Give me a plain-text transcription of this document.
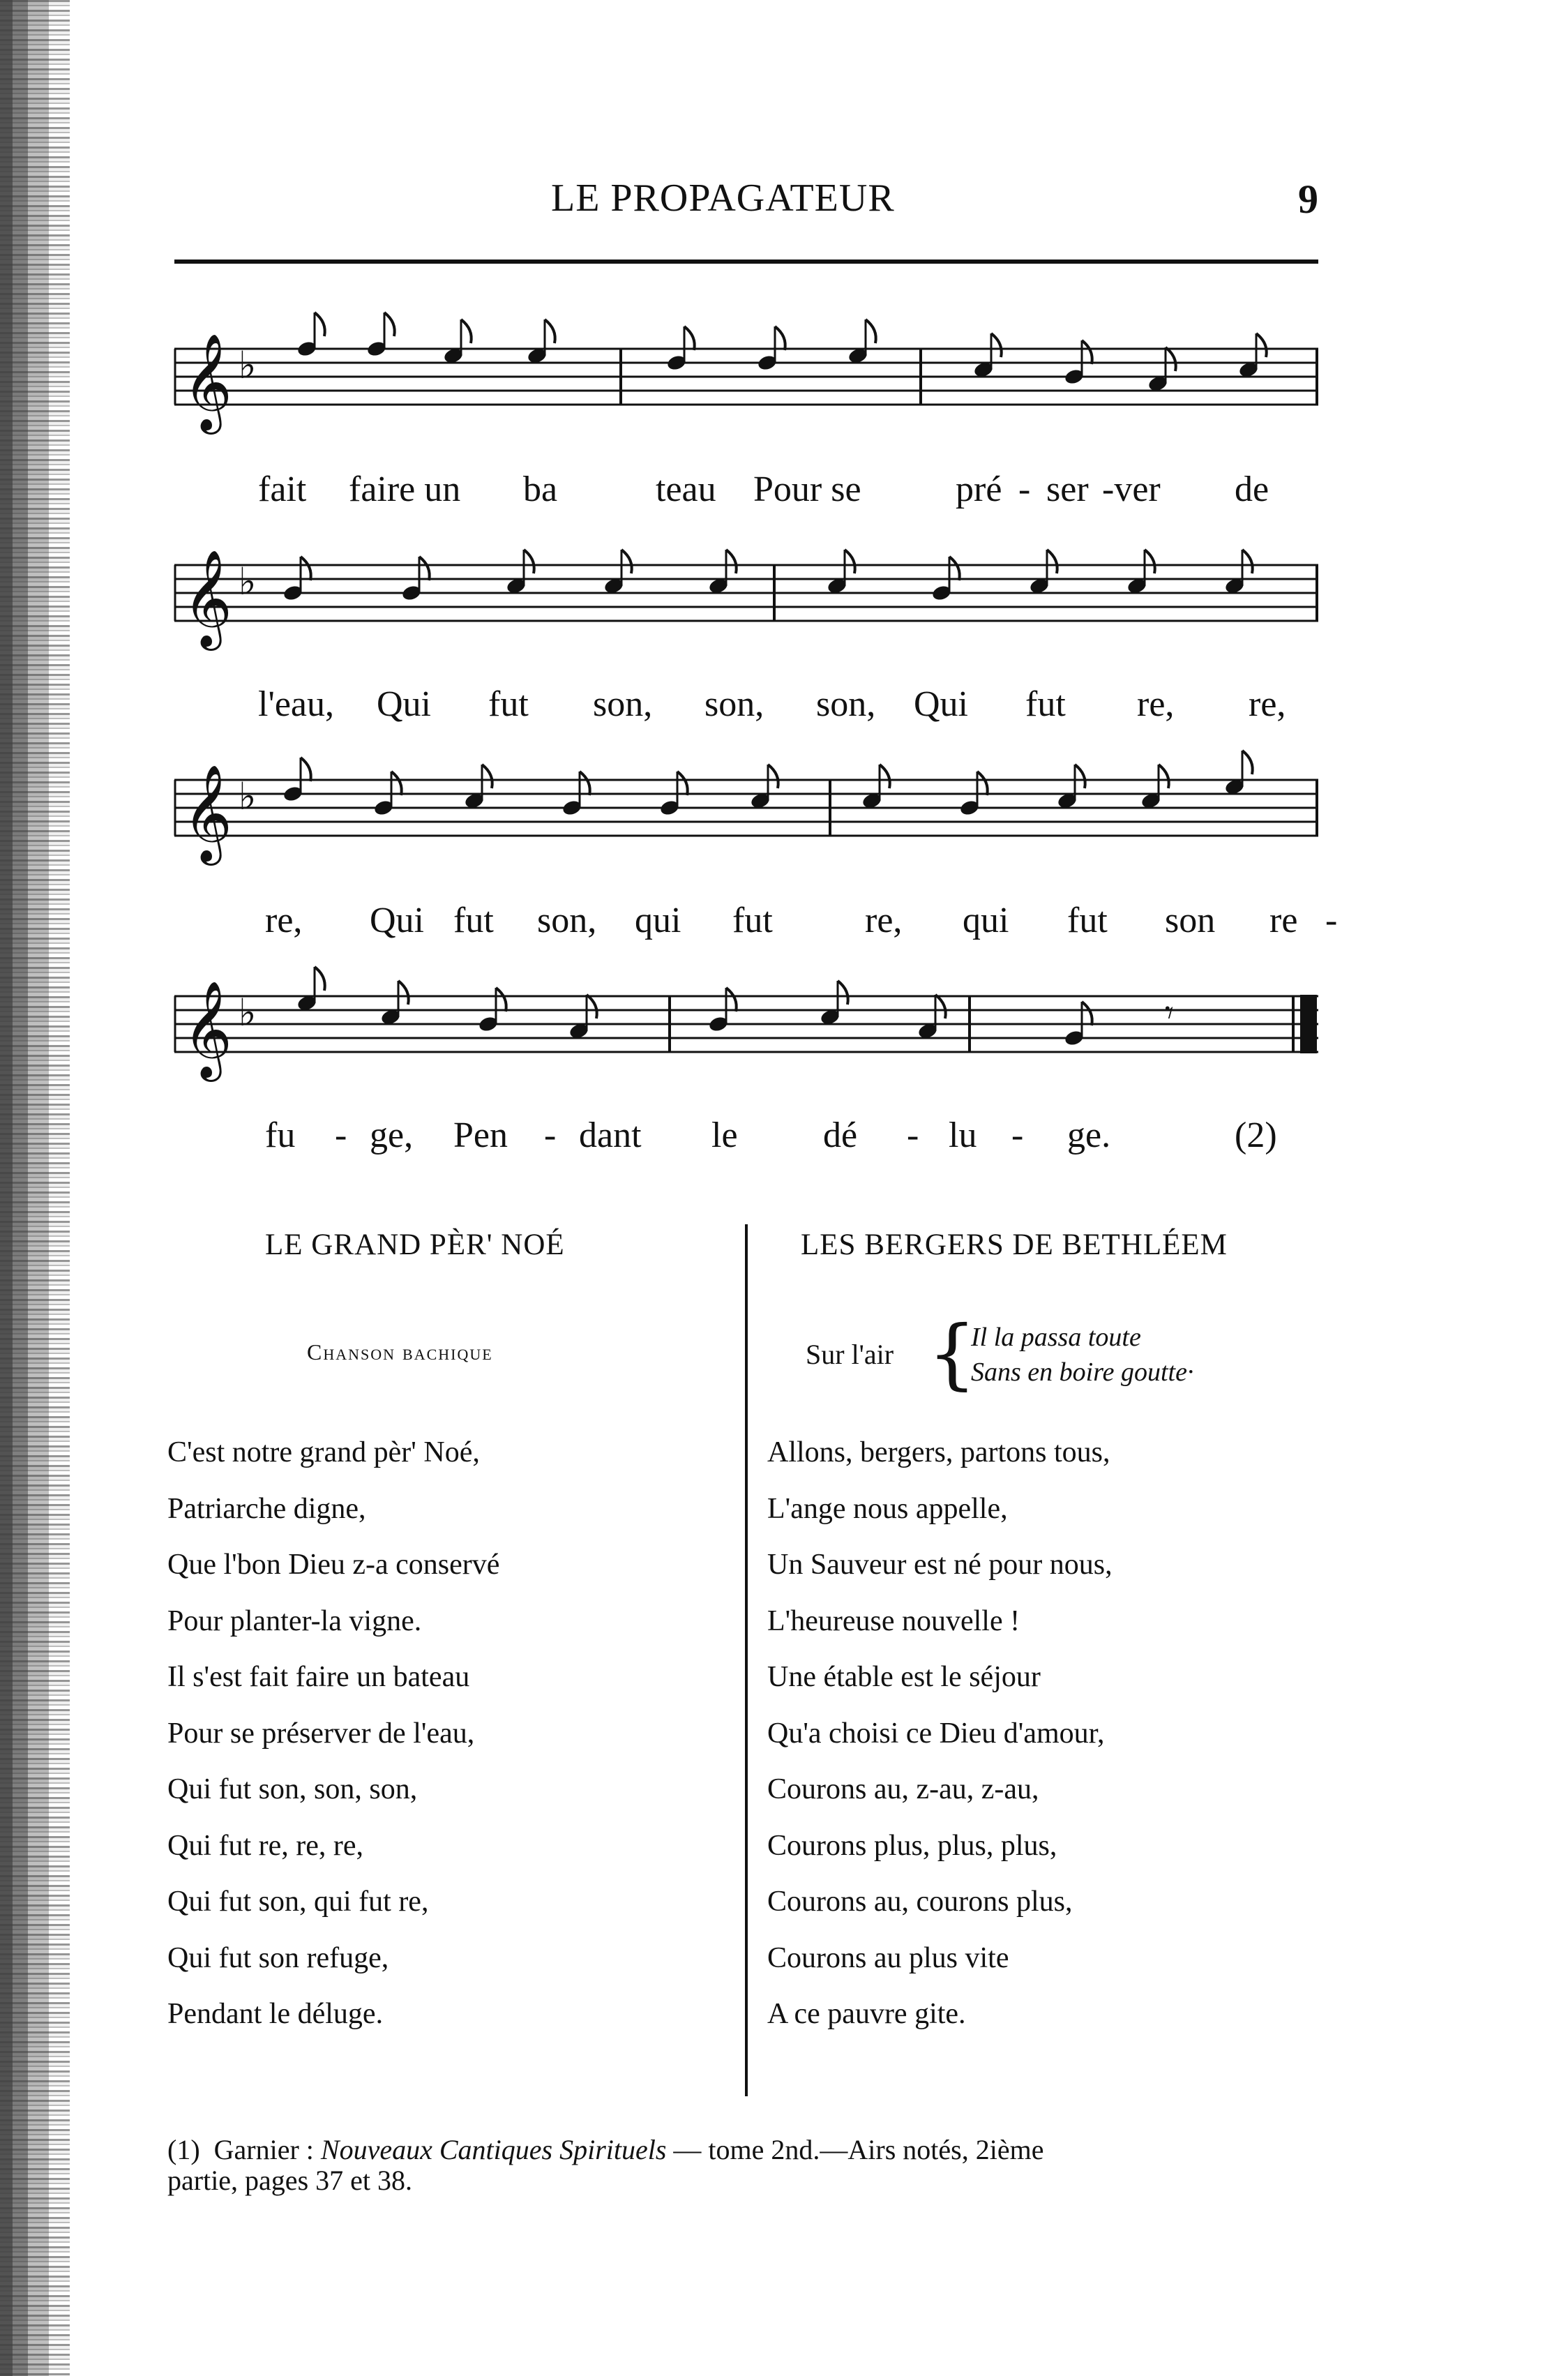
LE PROPAGATEUR	9
𝄞 ♭
fait faire un ba	teau Pour se	pré - ser -ver de
𝄞 ♭
l'eau, Qui fut son, son, son, Qui fut re, re,
𝄞 ♭
re, Qui fut son, qui fut	re, qui fut son re -
𝄞 ♭	𝄾
fu - ge, Pen - dant le dé - lu - ge.	(2)
LE GRAND PÈR' NOÉ
Chanson bachique
C'est notre grand pèr' Noé,
Patriarche digne,
Que l'bon Dieu z-a conservé
Pour planter-la vigne.
Il s'est fait faire un bateau
Pour se préserver de l'eau,
Qui fut son, son, son,
Qui fut re, re, re,
Qui fut son, qui fut re,
Qui fut son refuge,
Pendant le déluge.
LES BERGERS DE BETHLÉEM
Sur l'air {
Il la passa toute
Sans en boire goutte·
Allons, bergers, partons tous,
L'ange nous appelle,
Un Sauveur est né pour nous,
L'heureuse nouvelle !
Une étable est le séjour
Qu'a choisi ce Dieu d'amour,
Courons au, z-au, z-au,
Courons plus, plus, plus,
Courons au, courons plus,
Courons au plus vite
A ce pauvre gite.
(1) Garnier : Nouveaux Cantiques Spirituels — tome 2nd.—Airs notés, 2ième
partie, pages 37 et 38.
